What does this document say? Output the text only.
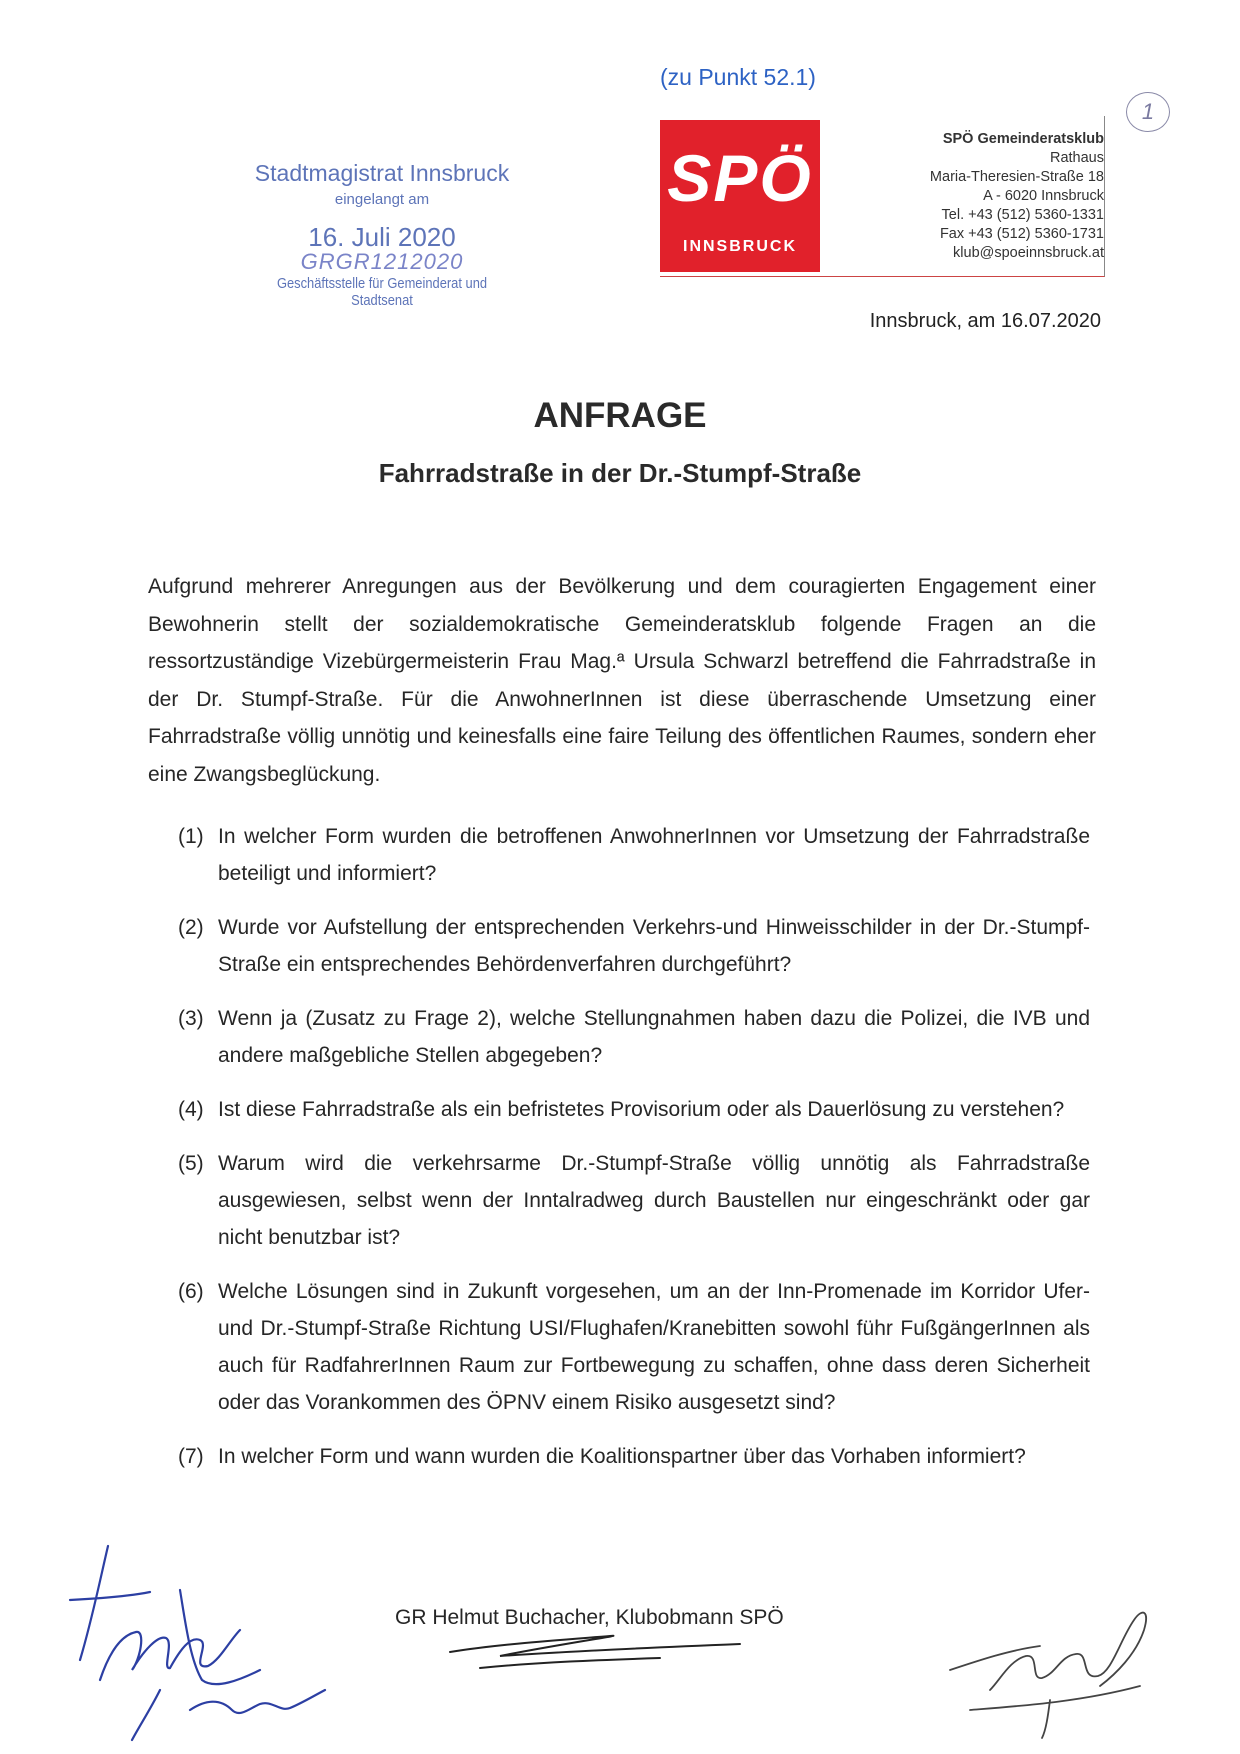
(zu Punkt 52.1)
1
Stadtmagistrat Innsbruck
eingelangt am
16. Juli 2020
GRGR1212020
Geschäftsstelle für Gemeinderat und Stadtsenat
SPÖ
INNSBRUCK
SPÖ Gemeinderatsklub
Rathaus
Maria-Theresien-Straße 18
A - 6020 Innsbruck
Tel. +43 (512) 5360-1331
Fax +43 (512) 5360-1731
klub@spoeinnsbruck.at
Innsbruck, am 16.07.2020
ANFRAGE
Fahrradstraße in der Dr.-Stumpf-Straße
Aufgrund mehrerer Anregungen aus der Bevölkerung und dem couragierten Engagement einer Bewohnerin stellt der sozialdemokratische Gemeinderatsklub folgende Fragen an die ressortzuständige Vizebürgermeisterin Frau Mag.ª Ursula Schwarzl betreffend die Fahrradstraße in der Dr. Stumpf-Straße. Für die AnwohnerInnen ist diese überraschende Umsetzung einer Fahrradstraße völlig unnötig und keinesfalls eine faire Teilung des öffentlichen Raumes, sondern eher eine Zwangsbeglückung.
(1) In welcher Form wurden die betroffenen AnwohnerInnen vor Umsetzung der Fahrradstraße beteiligt und informiert?
(2) Wurde vor Aufstellung der entsprechenden Verkehrs-und Hinweisschilder in der Dr.-Stumpf-Straße ein entsprechendes Behördenverfahren durchgeführt?
(3) Wenn ja (Zusatz zu Frage 2), welche Stellungnahmen haben dazu die Polizei, die IVB und andere maßgebliche Stellen abgegeben?
(4) Ist diese Fahrradstraße als ein befristetes Provisorium oder als Dauerlösung zu verstehen?
(5) Warum wird die verkehrsarme Dr.-Stumpf-Straße völlig unnötig als Fahrradstraße ausgewiesen, selbst wenn der Inntalradweg durch Baustellen nur eingeschränkt oder gar nicht benutzbar ist?
(6) Welche Lösungen sind in Zukunft vorgesehen, um an der Inn-Promenade im Korridor Ufer- und Dr.-Stumpf-Straße Richtung USI/Flughafen/Kranebitten sowohl führ FußgängerInnen als auch für RadfahrerInnen Raum zur Fortbewegung zu schaffen, ohne dass deren Sicherheit oder das Vorankommen des ÖPNV einem Risiko ausgesetzt sind?
(7) In welcher Form und wann wurden die Koalitionspartner über das Vorhaben informiert?
GR Helmut Buchacher, Klubobmann SPÖ
